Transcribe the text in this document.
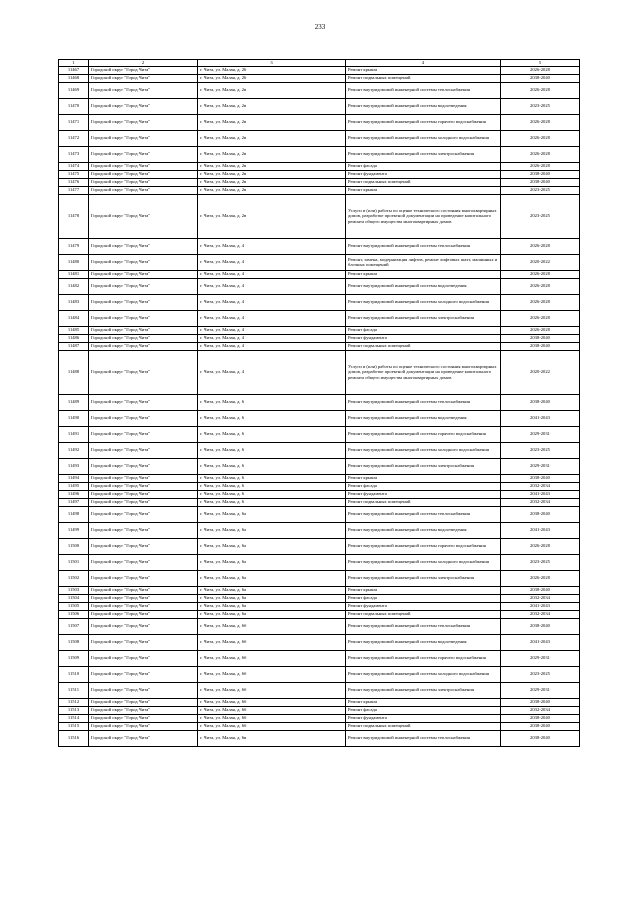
233
1	2	3	4	5
11467	Городской округ "Город Чита"	г. Чита, ул. Малая, д. 26	Ремонт крыши	2026-2028
11468	Городской округ "Город Чита"	г. Чита, ул. Малая, д. 26	Ремонт подвальных помещений	2038-2040
11469	Городской округ "Город Чита"	г. Чита, ул. Малая, д. 2в	Ремонт внутридомовой инженерной системы теплоснабжения	2026-2028
11470	Городской округ "Город Чита"	г. Чита, ул. Малая, д. 2в	Ремонт внутридомовой инженерной системы водоотведения	2023-2025
11471	Городской округ "Город Чита"	г. Чита, ул. Малая, д. 2в	Ремонт внутридомовой инженерной системы горячего водоснабжения	2026-2028
11472	Городской округ "Город Чита"	г. Чита, ул. Малая, д. 2в	Ремонт внутридомовой инженерной системы холодного водоснабжения	2026-2028
11473	Городской округ "Город Чита"	г. Чита, ул. Малая, д. 2в	Ремонт внутридомовой инженерной системы электроснабжения	2026-2028
11474	Городской округ "Город Чита"	г. Чита, ул. Малая, д. 2в	Ремонт фасада	2026-2028
11475	Городской округ "Город Чита"	г. Чита, ул. Малая, д. 2в	Ремонт фундамента	2038-2040
11476	Городской округ "Город Чита"	г. Чита, ул. Малая, д. 2в	Ремонт подвальных помещений	2038-2040
11477	Городской округ "Город Чита"	г. Чита, ул. Малая, д. 2в	Ремонт крыши	2023-2025
11478	Городской округ "Город Чита"	г. Чита, ул. Малая, д. 2в	Услуги и (или) работы по оценке технического состояния многоквартирных домов, разработке проектной документации на проведение капитального ремонта общего имущества многоквартирных домов	2023-2025
11479	Городской округ "Город Чита"	г. Чита, ул. Малая, д. 4	Ремонт внутридомовой инженерной системы теплоснабжения	2026-2028
11480	Городской округ "Город Чита"	г. Чита, ул. Малая, д. 4	Ремонт, замена, модернизация лифтов, ремонт лифтовых шахт, машинных и блочных помещений	2020-2022
11481	Городской округ "Город Чита"	г. Чита, ул. Малая, д. 4	Ремонт крыши	2026-2028
11482	Городской округ "Город Чита"	г. Чита, ул. Малая, д. 4	Ремонт внутридомовой инженерной системы водоотведения	2026-2028
11483	Городской округ "Город Чита"	г. Чита, ул. Малая, д. 4	Ремонт внутридомовой инженерной системы холодного водоснабжения	2026-2028
11484	Городской округ "Город Чита"	г. Чита, ул. Малая, д. 4	Ремонт внутридомовой инженерной системы электроснабжения	2026-2028
11485	Городской округ "Город Чита"	г. Чита, ул. Малая, д. 4	Ремонт фасада	2026-2028
11486	Городской округ "Город Чита"	г. Чита, ул. Малая, д. 4	Ремонт фундамента	2038-2040
11487	Городской округ "Город Чита"	г. Чита, ул. Малая, д. 4	Ремонт подвальных помещений	2038-2040
11488	Городской округ "Город Чита"	г. Чита, ул. Малая, д. 4	Услуги и (или) работы по оценке технического состояния многоквартирных домов, разработке проектной документации на проведение капитального ремонта общего имущества многоквартирных домов	2020-2022
11489	Городской округ "Город Чита"	г. Чита, ул. Малая, д. 6	Ремонт внутридомовой инженерной системы теплоснабжения	2038-2040
11490	Городской округ "Город Чита"	г. Чита, ул. Малая, д. 6	Ремонт внутридомовой инженерной системы водоотведения	2041-2043
11491	Городской округ "Город Чита"	г. Чита, ул. Малая, д. 6	Ремонт внутридомовой инженерной системы горячего водоснабжения	2029-2031
11492	Городской округ "Город Чита"	г. Чита, ул. Малая, д. 6	Ремонт внутридомовой инженерной системы холодного водоснабжения	2023-2025
11493	Городской округ "Город Чита"	г. Чита, ул. Малая, д. 6	Ремонт внутридомовой инженерной системы электроснабжения	2029-2031
11494	Городской округ "Город Чита"	г. Чита, ул. Малая, д. 6	Ремонт крыши	2038-2040
11495	Городской округ "Город Чита"	г. Чита, ул. Малая, д. 6	Ремонт фасада	2032-2034
11496	Городской округ "Город Чита"	г. Чита, ул. Малая, д. 6	Ремонт фундамента	2041-2043
11497	Городской округ "Город Чита"	г. Чита, ул. Малая, д. 6	Ремонт подвальных помещений	2032-2034
11498	Городской округ "Город Чита"	г. Чита, ул. Малая, д. 6а	Ремонт внутридомовой инженерной системы теплоснабжения	2038-2040
11499	Городской округ "Город Чита"	г. Чита, ул. Малая, д. 6а	Ремонт внутридомовой инженерной системы водоотведения	2041-2043
11500	Городской округ "Город Чита"	г. Чита, ул. Малая, д. 6а	Ремонт внутридомовой инженерной системы горячего водоснабжения	2026-2028
11501	Городской округ "Город Чита"	г. Чита, ул. Малая, д. 6а	Ремонт внутридомовой инженерной системы холодного водоснабжения	2023-2025
11502	Городской округ "Город Чита"	г. Чита, ул. Малая, д. 6а	Ремонт внутридомовой инженерной системы электроснабжения	2026-2028
11503	Городской округ "Город Чита"	г. Чита, ул. Малая, д. 6а	Ремонт крыши	2038-2040
11504	Городской округ "Город Чита"	г. Чита, ул. Малая, д. 6а	Ремонт фасада	2032-2034
11505	Городской округ "Город Чита"	г. Чита, ул. Малая, д. 6а	Ремонт фундамента	2041-2043
11506	Городской округ "Город Чита"	г. Чита, ул. Малая, д. 6а	Ремонт подвальных помещений	2032-2034
11507	Городской округ "Город Чита"	г. Чита, ул. Малая, д. 6б	Ремонт внутридомовой инженерной системы теплоснабжения	2038-2040
11508	Городской округ "Город Чита"	г. Чита, ул. Малая, д. 6б	Ремонт внутридомовой инженерной системы водоотведения	2041-2043
11509	Городской округ "Город Чита"	г. Чита, ул. Малая, д. 6б	Ремонт внутридомовой инженерной системы горячего водоснабжения	2029-2031
11510	Городской округ "Город Чита"	г. Чита, ул. Малая, д. 6б	Ремонт внутридомовой инженерной системы холодного водоснабжения	2023-2025
11511	Городской округ "Город Чита"	г. Чита, ул. Малая, д. 6б	Ремонт внутридомовой инженерной системы электроснабжения	2029-2031
11512	Городской округ "Город Чита"	г. Чита, ул. Малая, д. 6б	Ремонт крыши	2038-2040
11513	Городской округ "Город Чита"	г. Чита, ул. Малая, д. 6б	Ремонт фасада	2032-2034
11514	Городской округ "Город Чита"	г. Чита, ул. Малая, д. 6б	Ремонт фундамента	2038-2040
11515	Городской округ "Город Чита"	г. Чита, ул. Малая, д. 6б	Ремонт подвальных помещений	2038-2040
11516	Городской округ "Город Чита"	г. Чита, ул. Малая, д. 6в	Ремонт внутридомовой инженерной системы теплоснабжения	2038-2040
